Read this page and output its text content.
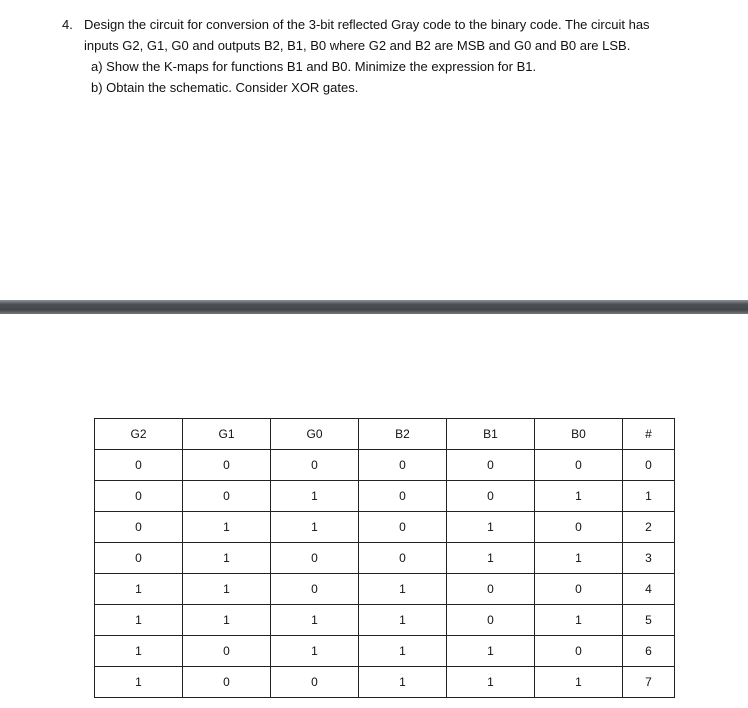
4. Design the circuit for conversion of the 3-bit reflected Gray code to the binary code. The circuit has
inputs G2, G1, G0 and outputs B2, B1, B0 where G2 and B2 are MSB and G0 and B0 are LSB.
a) Show the K-maps for functions B1 and B0. Minimize the expression for B1.
b) Obtain the schematic. Consider XOR gates.
G2	G1	G0	B2	B1	B0	#
0	0	0	0	0	0	0
0	0	1	0	0	1	1
0	1	1	0	1	0	2
0	1	0	0	1	1	3
1	1	0	1	0	0	4
1	1	1	1	0	1	5
1	0	1	1	1	0	6
1	0	0	1	1	1	7
